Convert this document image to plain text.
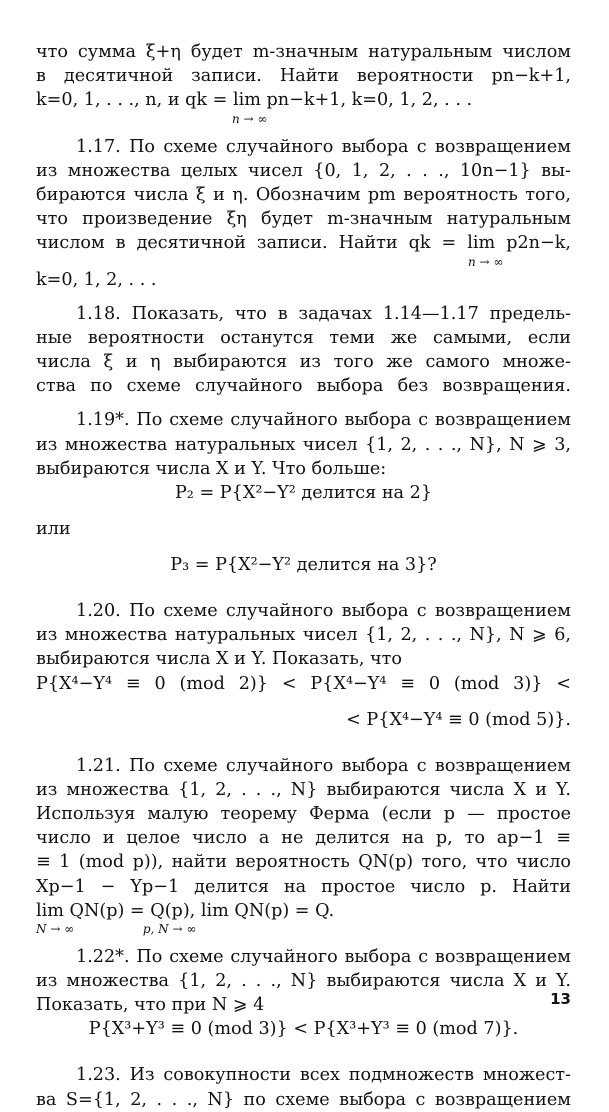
что сумма ξ+η будет m-значным натуральным числом
в десятичной записи. Найти вероятности pn−k+1,
k=0, 1, . . ., n, и qk = lim pn−k+1, k=0, 1, 2, . . .
n → ∞
1.17. По схеме случайного выбора с возвращением
из множества целых чисел {0, 1, 2, . . ., 10n−1} вы-
бираются числа ξ и η. Обозначим pm вероятность того,
что произведение ξη будет m-значным натуральным
числом в десятичной записи. Найти qk = lim p2n−k,
n → ∞
k=0, 1, 2, . . .
1.18. Показать, что в задачах 1.14—1.17 предель-
ные вероятности останутся теми же самыми, если
числа ξ и η выбираются из того же самого множе-
ства по схеме случайного выбора без возвращения.
1.19*. По схеме случайного выбора с возвращением
из множества натуральных чисел {1, 2, . . ., N}, N ⩾ 3,
выбираются числа X и Y. Что больше:
P₂ = P{X²−Y² делится на 2}
или
P₃ = P{X²−Y² делится на 3}?
1.20. По схеме случайного выбора с возвращением
из множества натуральных чисел {1, 2, . . ., N}, N ⩾ 6,
выбираются числа X и Y. Показать, что
P{X⁴−Y⁴ ≡ 0 (mod 2)} < P{X⁴−Y⁴ ≡ 0 (mod 3)} <
< P{X⁴−Y⁴ ≡ 0 (mod 5)}.
1.21. По схеме случайного выбора с возвращением
из множества {1, 2, . . ., N} выбираются числа X и Y.
Используя малую теорему Ферма (если p — простое
число и целое число a не делится на p, то ap−1 ≡
≡ 1 (mod p)), найти вероятность QN(p) того, что число
Xp−1 − Yp−1 делится на простое число p. Найти
lim QN(p) = Q(p), lim QN(p) = Q.
N → ∞                  p, N → ∞
1.22*. По схеме случайного выбора с возвращением
из множества {1, 2, . . ., N} выбираются числа X и Y.
Показать, что при N ⩾ 4
P{X³+Y³ ≡ 0 (mod 3)} < P{X³+Y³ ≡ 0 (mod 7)}.
1.23. Из совокупности всех подмножеств множест-
ва S={1, 2, . . ., N} по схеме выбора с возвращением
13
